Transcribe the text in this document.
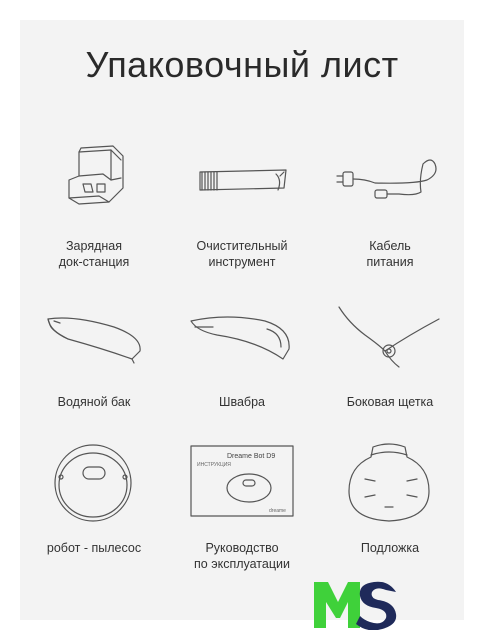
Упаковочный лист
Зарядная
док-станция
Очистительный
инструмент
Кабель
питания
Водяной бак	Швабра	Боковая щетка
робот - пылесос
Dreame Bot D9
ИНСТРУКЦИЯ
dreame
Руководство
по эксплуатации
Подложка
